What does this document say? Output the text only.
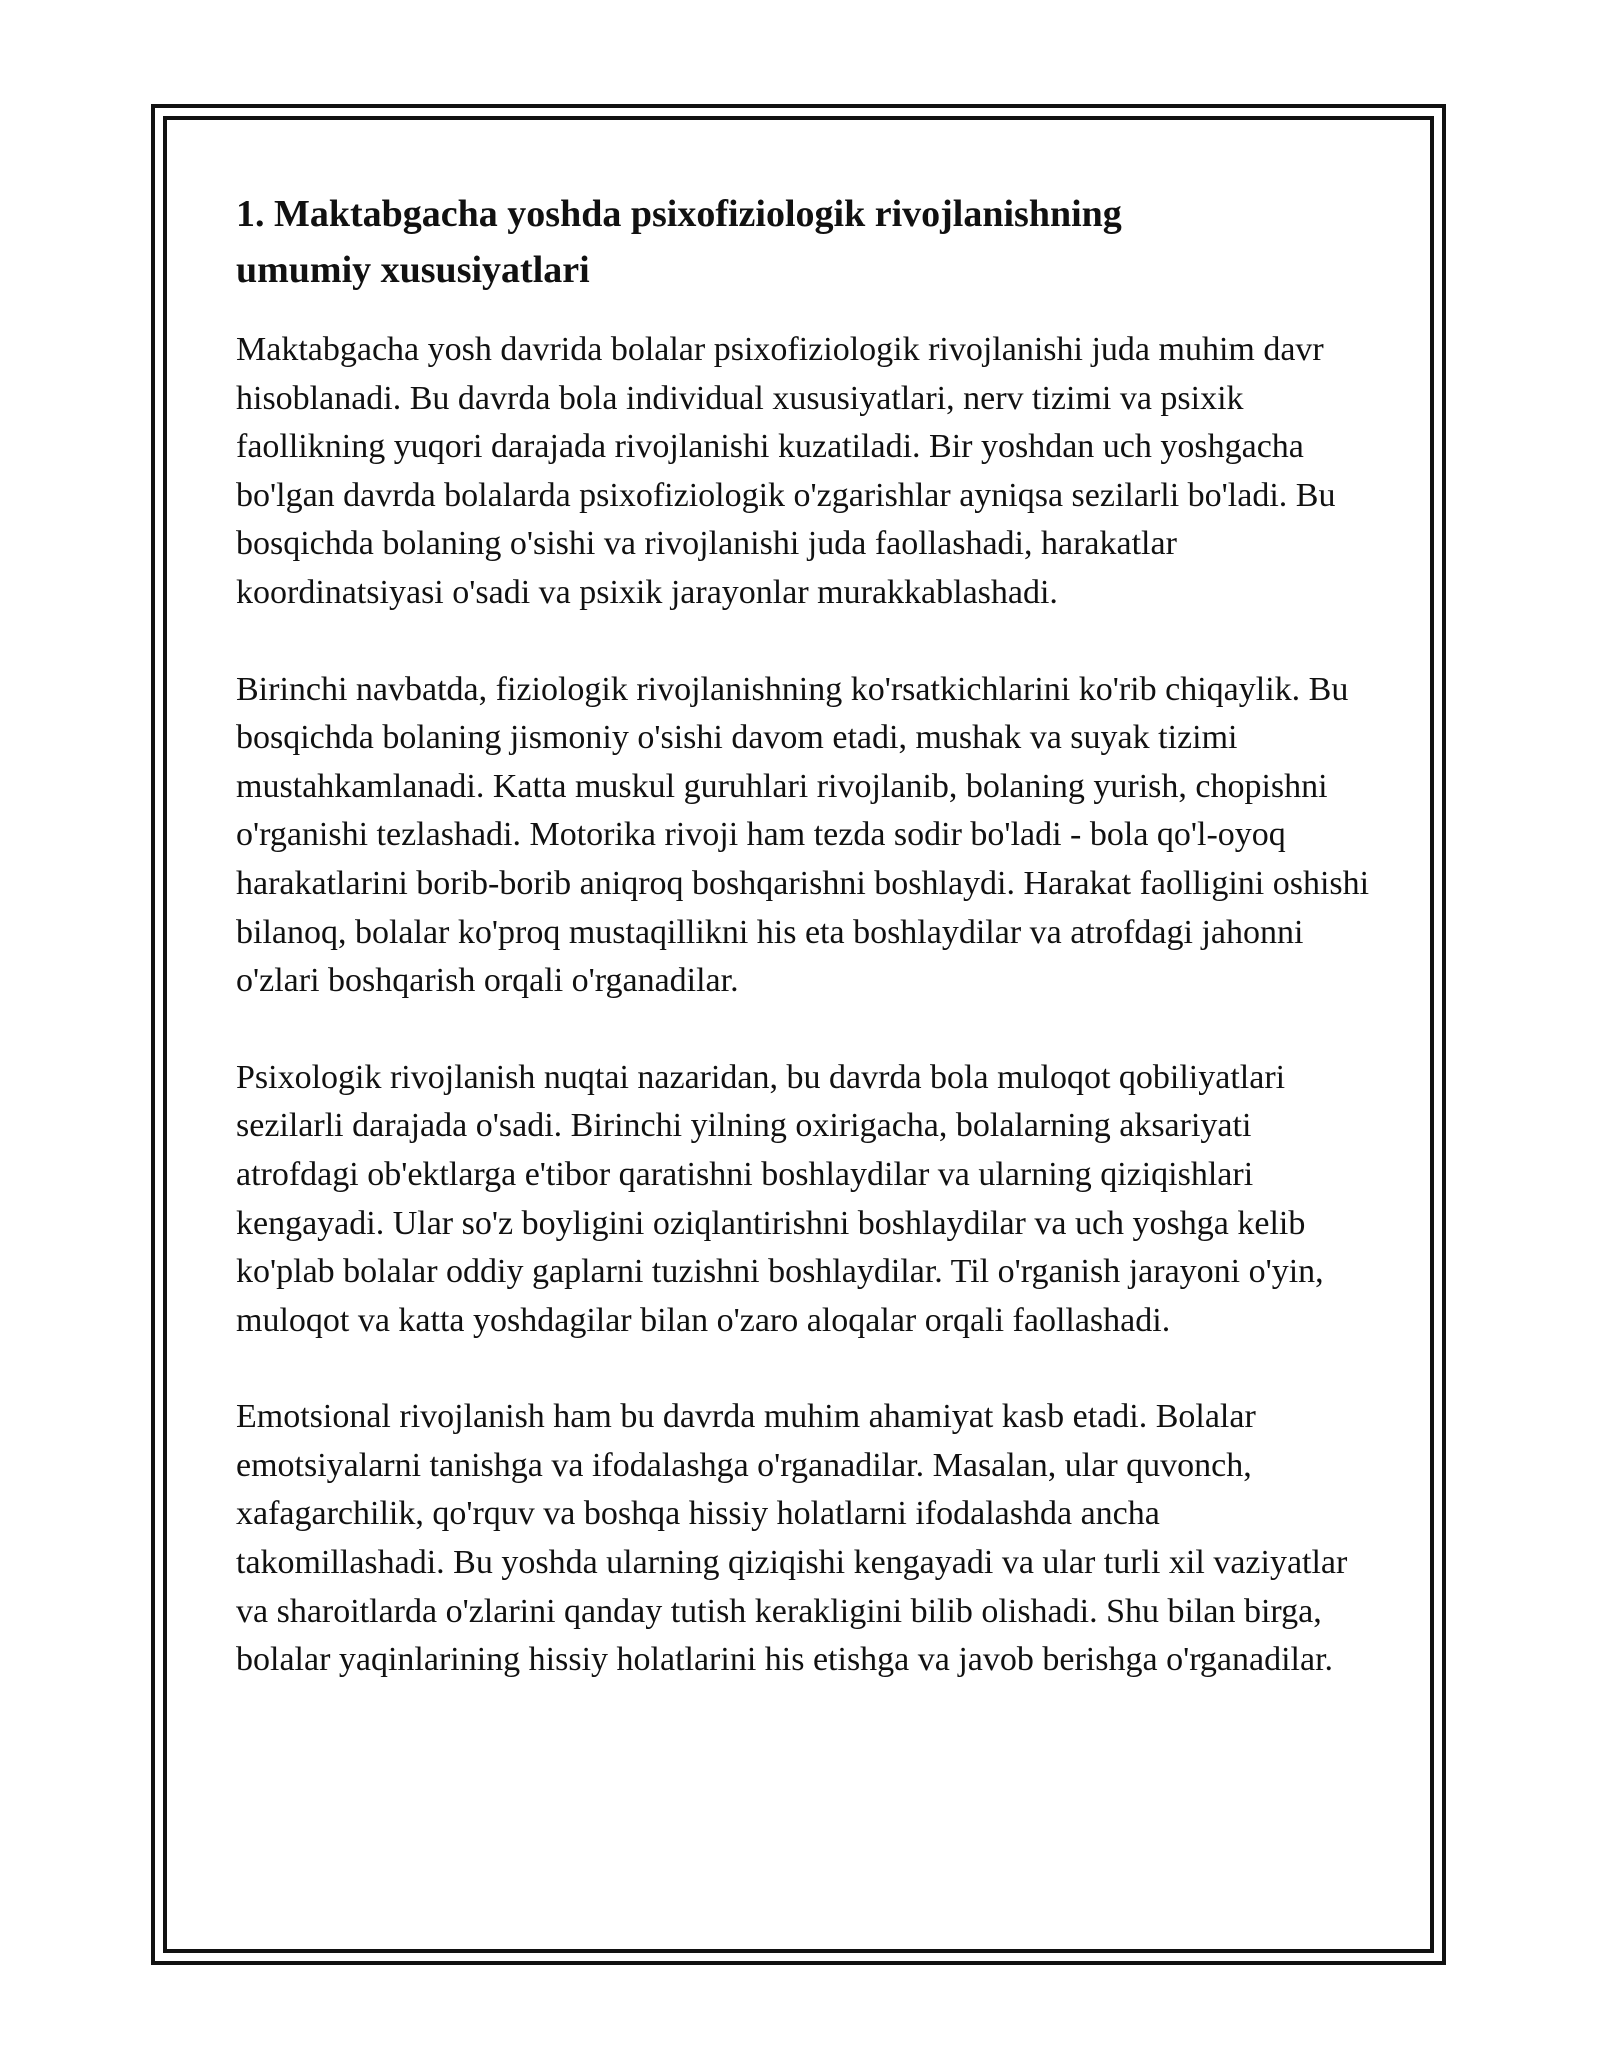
1. Maktabgacha yoshda psixofiziologik rivojlanishning umumiy xususiyatlari

Maktabgacha yosh davrida bolalar psixofiziologik rivojlanishi juda muhim davr hisoblanadi. Bu davrda bola individual xususiyatlari, nerv tizimi va psixik faollikning yuqori darajada rivojlanishi kuzatiladi. Bir yoshdan uch yoshgacha bo'lgan davrda bolalarda psixofiziologik o'zgarishlar ayniqsa sezilarli bo'ladi. Bu bosqichda bolaning o'sishi va rivojlanishi juda faollashadi, harakatlar koordinatsiyasi o'sadi va psixik jarayonlar murakkablashadi.

Birinchi navbatda, fiziologik rivojlanishning ko'rsatkichlarini ko'rib chiqaylik. Bu bosqichda bolaning jismoniy o'sishi davom etadi, mushak va suyak tizimi mustahkamlanadi. Katta muskul guruhlari rivojlanib, bolaning yurish, chopishni o'rganishi tezlashadi. Motorika rivoji ham tezda sodir bo'ladi - bola qo'l-oyoq harakatlarini borib-borib aniqroq boshqarishni boshlaydi. Harakat faolligini oshishi bilanoq, bolalar ko'proq mustaqillikni his eta boshlaydilar va atrofdagi jahonni o'zlari boshqarish orqali o'rganadilar.

Psixologik rivojlanish nuqtai nazaridan, bu davrda bola muloqot qobiliyatlari sezilarli darajada o'sadi. Birinchi yilning oxirigacha, bolalarning aksariyati atrofdagi ob'ektlarga e'tibor qaratishni boshlaydilar va ularning qiziqishlari kengayadi. Ular so'z boyligini oziqlantirishni boshlaydilar va uch yoshga kelib ko'plab bolalar oddiy gaplarni tuzishni boshlaydilar. Til o'rganish jarayoni o'yin, muloqot va katta yoshdagilar bilan o'zaro aloqalar orqali faollashadi.

Emotsional rivojlanish ham bu davrda muhim ahamiyat kasb etadi. Bolalar emotsiyalarni tanishga va ifodalashga o'rganadilar. Masalan, ular quvonch, xafagarchilik, qo'rquv va boshqa hissiy holatlarni ifodalashda ancha takomillashadi. Bu yoshda ularning qiziqishi kengayadi va ular turli xil vaziyatlar va sharoitlarda o'zlarini qanday tutish kerakligini bilib olishadi. Shu bilan birga, bolalar yaqinlarining hissiy holatlarini his etishga va javob berishga o'rganadilar.
